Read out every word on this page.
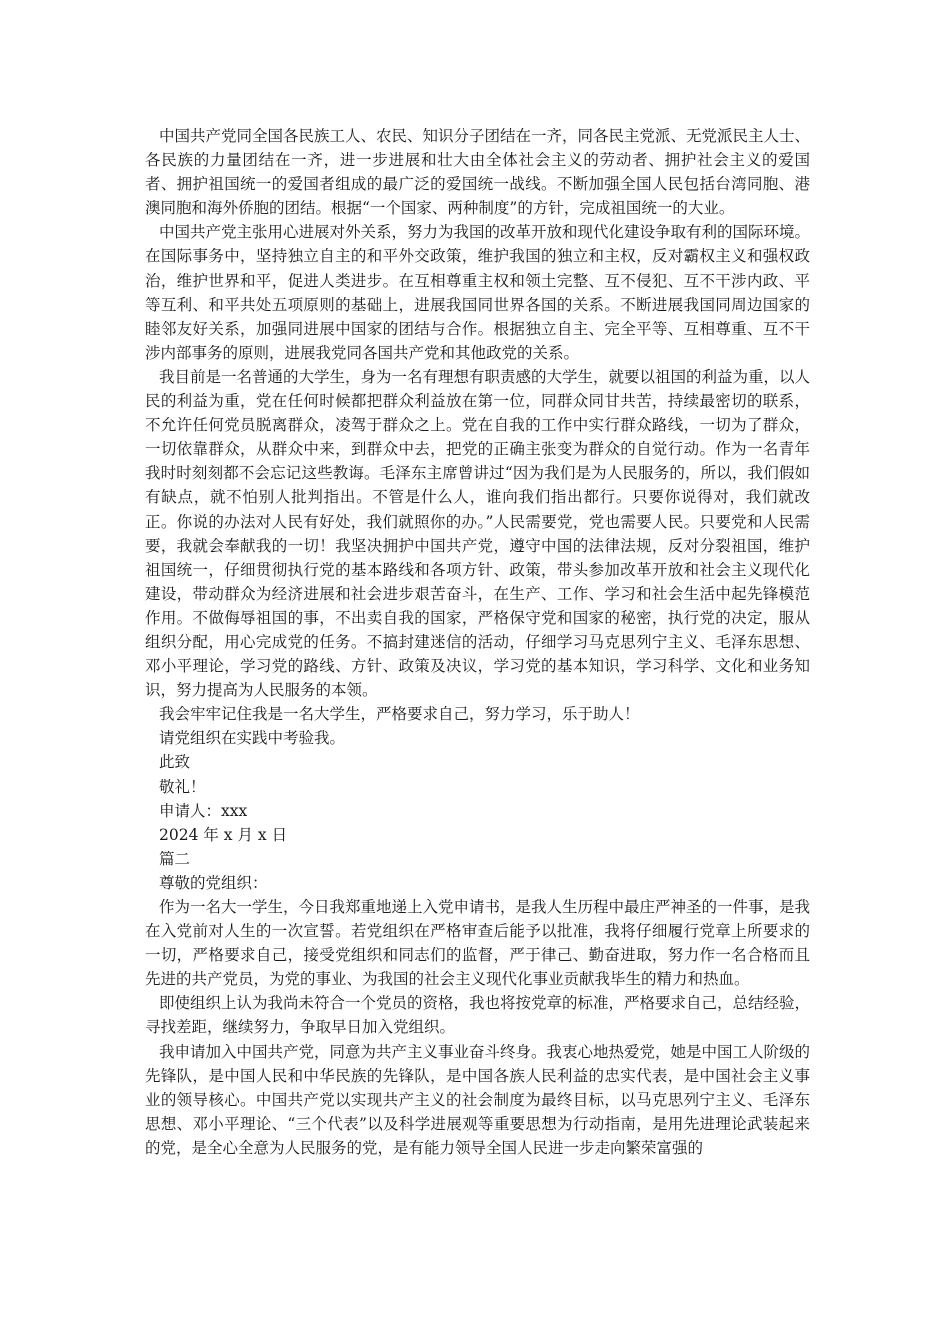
中国共产党同全国各民族工人、农民、知识分子团结在一齐，同各民主党派、无党派民主人士、各民族的力量团结在一齐，进一步进展和壮大由全体社会主义的劳动者、拥护社会主义的爱国者、拥护祖国统一的爱国者组成的最广泛的爱国统一战线。不断加强全国人民包括台湾同胞、港澳同胞和海外侨胞的团结。根据“一个国家、两种制度”的方针，完成祖国统一的大业。

中国共产党主张用心进展对外关系，努力为我国的改革开放和现代化建设争取有利的国际环境。在国际事务中，坚持独立自主的和平外交政策，维护我国的独立和主权，反对霸权主义和强权政治，维护世界和平，促进人类进步。在互相尊重主权和领土完整、互不侵犯、互不干涉内政、平等互利、和平共处五项原则的基础上，进展我国同世界各国的关系。不断进展我国同周边国家的睦邻友好关系，加强同进展中国家的团结与合作。根据独立自主、完全平等、互相尊重、互不干涉内部事务的原则，进展我党同各国共产党和其他政党的关系。

我目前是一名普通的大学生，身为一名有理想有职责感的大学生，就要以祖国的利益为重，以人民的利益为重，党在任何时候都把群众利益放在第一位，同群众同甘共苦，持续最密切的联系，不允许任何党员脱离群众，凌驾于群众之上。党在自我的工作中实行群众路线，一切为了群众，一切依靠群众，从群众中来，到群众中去，把党的正确主张变为群众的自觉行动。作为一名青年我时时刻刻都不会忘记这些教诲。毛泽东主席曾讲过“因为我们是为人民服务的，所以，我们假如有缺点，就不怕别人批判指出。不管是什么人，谁向我们指出都行。只要你说得对，我们就改正。你说的办法对人民有好处，我们就照你的办。”人民需要党，党也需要人民。只要党和人民需要，我就会奉献我的一切！我坚决拥护中国共产党，遵守中国的法律法规，反对分裂祖国，维护祖国统一，仔细贯彻执行党的基本路线和各项方针、政策，带头参加改革开放和社会主义现代化建设，带动群众为经济进展和社会进步艰苦奋斗，在生产、工作、学习和社会生活中起先锋模范作用。不做侮辱祖国的事，不出卖自我的国家，严格保守党和国家的秘密，执行党的决定，服从组织分配，用心完成党的任务。不搞封建迷信的活动，仔细学习马克思列宁主义、毛泽东思想、邓小平理论，学习党的路线、方针、政策及决议，学习党的基本知识，学习科学、文化和业务知识，努力提高为人民服务的本领。

我会牢牢记住我是一名大学生，严格要求自己，努力学习，乐于助人！

请党组织在实践中考验我。

此致

敬礼！

申请人：xxx

2024 年 x 月 x 日

篇二

尊敬的党组织：

作为一名大一学生，今日我郑重地递上入党申请书，是我人生历程中最庄严神圣的一件事，是我在入党前对人生的一次宣誓。若党组织在严格审查后能予以批准，我将仔细履行党章上所要求的一切，严格要求自己，接受党组织和同志们的监督，严于律己、勤奋进取，努力作一名合格而且先进的共产党员，为党的事业、为我国的社会主义现代化事业贡献我毕生的精力和热血。

即使组织上认为我尚未符合一个党员的资格，我也将按党章的标准，严格要求自己，总结经验，寻找差距，继续努力，争取早日加入党组织。

我申请加入中国共产党，同意为共产主义事业奋斗终身。我衷心地热爱党，她是中国工人阶级的先锋队，是中国人民和中华民族的先锋队，是中国各族人民利益的忠实代表，是中国社会主义事业的领导核心。中国共产党以实现共产主义的社会制度为最终目标，以马克思列宁主义、毛泽东思想、邓小平理论、“三个代表”以及科学进展观等重要思想为行动指南，是用先进理论武装起来的党，是全心全意为人民服务的党，是有能力领导全国人民进一步走向繁荣富强的
